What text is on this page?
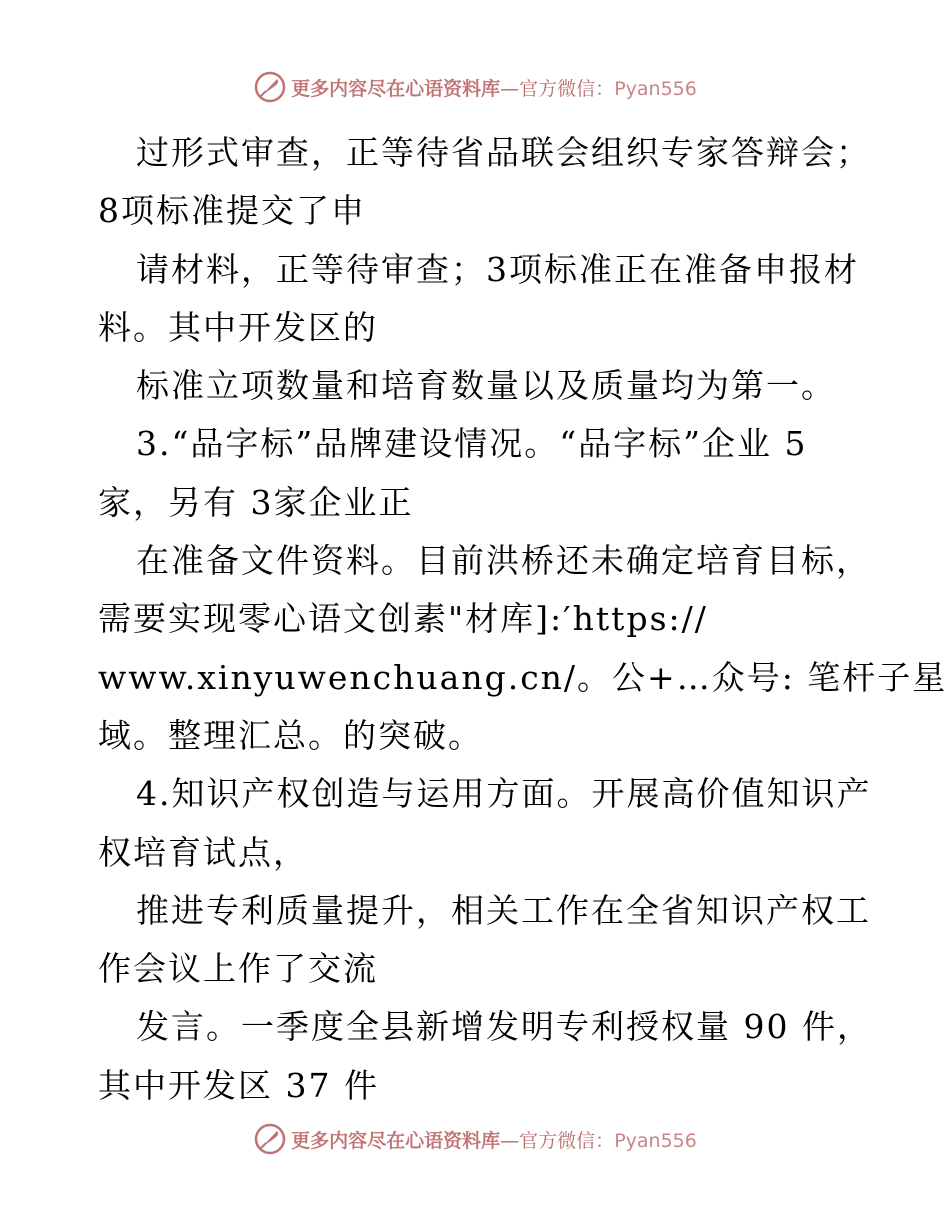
更多内容尽在心语资料库—官方微信：Pyan556
过形式审查，正等待省品联会组织专家答辩会；
8项标准提交了申
请材料，正等待审查；3项标准正在准备申报材
料。其中开发区的
标准立项数量和培育数量以及质量均为第一。
3.“品字标”品牌建设情况。“品字标”企业 5
家，另有 3家企业正
在准备文件资料。目前洪桥还未确定培育目标，
需要实现零心语文创素"材库]:′https://
www.xinyuwenchuang.cn/。公+…众号: 笔杆子星
域。整理汇总。的突破。
4.知识产权创造与运用方面。开展高价值知识产
权培育试点，
推进专利质量提升，相关工作在全省知识产权工
作会议上作了交流
发言。一季度全县新增发明专利授权量 90 件，
其中开发区 37 件
更多内容尽在心语资料库—官方微信：Pyan556
